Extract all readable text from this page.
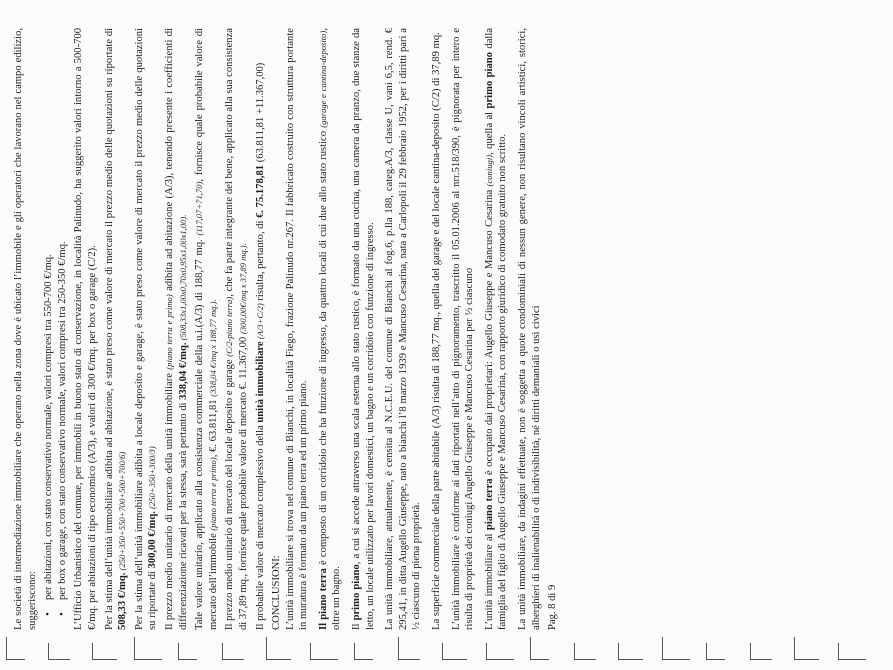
Le società di intermediazione immobiliare che operano nella zona dove è ubicato l’immobile e gli operatori che lavorano nel campo edilizio, suggeriscono:

• per abitazioni, con stato conservativo normale, valori compresi tra 550-700 €/mq.
• per box o garage, con stato conservativo normale, valori compresi tra 250-350 €/mq. L’Ufficio Urbanistico del comune, per immobili in buono stato di conservazione, in località Palinudo, ha suggerito valori intorno a 500-700 €/mq. per abitazioni di tipo economico (A/3), e valori di 300 €/mq. per box o garage (C/2). Per la stima dell’unità immobiliare adibita ad abitazione, è stato preso come valore di mercato il prezzo medio delle quotazioni su riportate di 508,33 €/mq. (250+350+550+700+500+700/6) Per la stima dell’unità immobiliare adibita a locale deposito e garage, è stato preso come valore di mercato il prezzo medio delle quotazioni su riportate di 300,00 €/mq. (250+350+300/3) Il prezzo medio unitario di mercato della unità immobiliare (piano terra e primo) adibita ad abitazione (A/3), tenendo presente i coefficienti di differenziazione ricavati per la stessa, sarà pertanto di 338,04 €/mq. (508,33x1,00x0,70x0,95x1,00x1,00). Tale valore unitario, applicato alla consistenza commerciale della u.i.(A/3) di 188,77 mq. (117,07+71,70), fornisce quale probabile valore di mercato dell’immobile (piano terra e primo), €. 63.811,81 (338,04 €/mq x 188,77 mq.).

Il prezzo medio unitario di mercato del locale deposito e garage (C/2-piano terra), che fa parte integrante del bene, applicato alla sua consistenza di 37,89 mq., fornisce quale probabile valore di mercato €. 11.367,00 (300,00€/mq x 37,89 mq.).

Il probabile valore di mercato complessivo della unità immobiliare (A/3+C/2) risulta, pertanto, di €. 75.178,81 (63.811,81 +11.367,00)

CONCLUSIONI: L’unità immobiliare si trova nel comune di Bianchi, in località Fiego, frazione Palinudo nr.267. Il fabbricato costruito con struttura portante in muratura è formato da un piano terra ed un primo piano. Il piano terra è composto di un corridoio che ha funzione di ingresso, da quattro locali di cui due allo stato rustico (garage e cantina-deposito), oltre un bagno. Il primo piano, a cui si accede attraverso una scala esterna allo stato rustico, è formato da una cucina, una camera da pranzo, due stanze da letto, un locale utilizzato per lavori domestici, un bagno e un corridoio con funzione di ingresso. La unità immobiliare, attualmente, è censita al N.C.E.U. del comune di Bianchi al fog.6, p.lla 188, categ.A/3, classe U, vani 6,5, rend. € 295,41, in ditta Augello Giuseppe, nato a bianchi l’8 marzo 1939 e Mancuso Cesarina, nata a Carlopoli il 29 febbraio 1952, per i diritti pari a ½ ciascuno di piena proprietà. La superficie commerciale della parte abitabile (A/3) risulta di 188,77 mq., quella del garage e del locale cantina-deposito (C/2) di 37,89 mq. L’unità immobiliare è conforme ai dati riportati nell’atto di pignoramento, trascritto il 05.01.2006 al nrr.518/390, è pignorata per intero e risulta di proprietà dei coniugi Augello Giuseppe e Mancuso Cesarina per ½ ciascuno L’unità immobiliare al piano terra è occupato dai proprietari: Augello Giuseppe e Mancuso Cesarina (coniugi), quella al primo piano dalla famiglia del figlio di Augello Giuseppe e Mancuso Cesarina, con rapporto giuridico di comodato gratuito non scritto. La unità immobiliare, da indagini effettuate, non è soggetta a quote condominiali di nessun genere, non risultano vincoli artistici, storici, alberghieri di inalienabilità o di indivisibilità, né diritti demaniali o usi civici Pag. 8 di 9
